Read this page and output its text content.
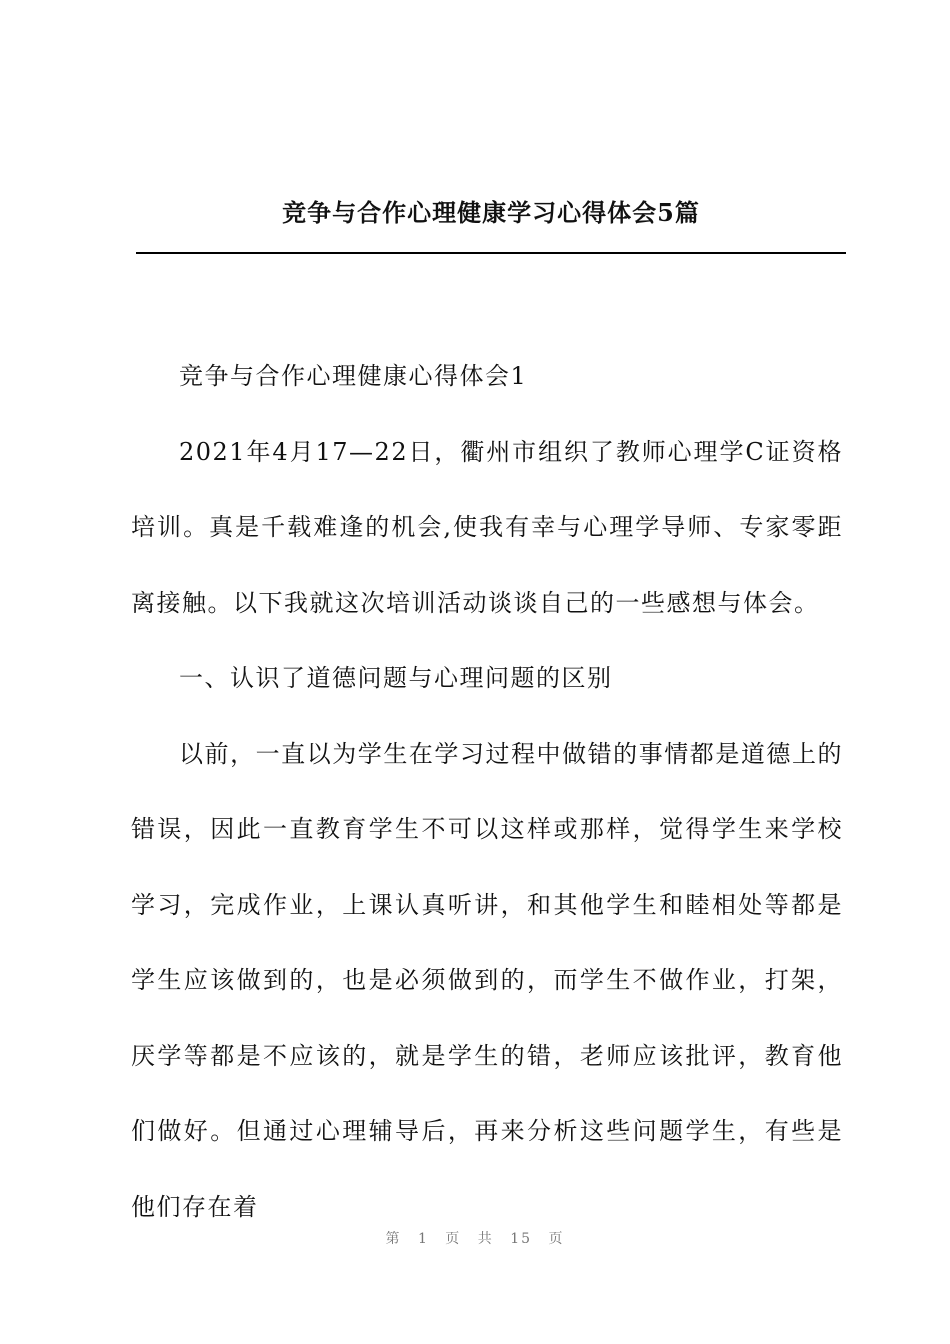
竞争与合作心理健康学习心得体会5篇

竞争与合作心理健康心得体会1

2021年4月17—22日，衢州市组织了教师心理学C证资格培训。真是千载难逢的机会,使我有幸与心理学导师、专家零距离接触。以下我就这次培训活动谈谈自己的一些感想与体会。

一、认识了道德问题与心理问题的区别

以前，一直以为学生在学习过程中做错的事情都是道德上的错误，因此一直教育学生不可以这样或那样，觉得学生来学校学习，完成作业，上课认真听讲，和其他学生和睦相处等都是学生应该做到的，也是必须做到的，而学生不做作业，打架，厌学等都是不应该的，就是学生的错，老师应该批评，教育他们做好。但通过心理辅导后，再来分析这些问题学生，有些是他们存在着

第 1 页 共 15 页
